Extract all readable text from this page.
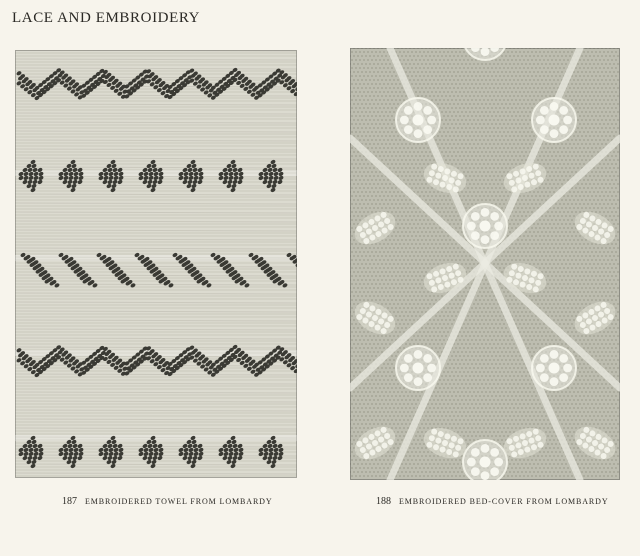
LACE AND EMBROIDERY
187 EMBROIDERED TOWEL FROM LOMBARDY	188 EMBROIDERED BED-COVER FROM LOMBARDY
